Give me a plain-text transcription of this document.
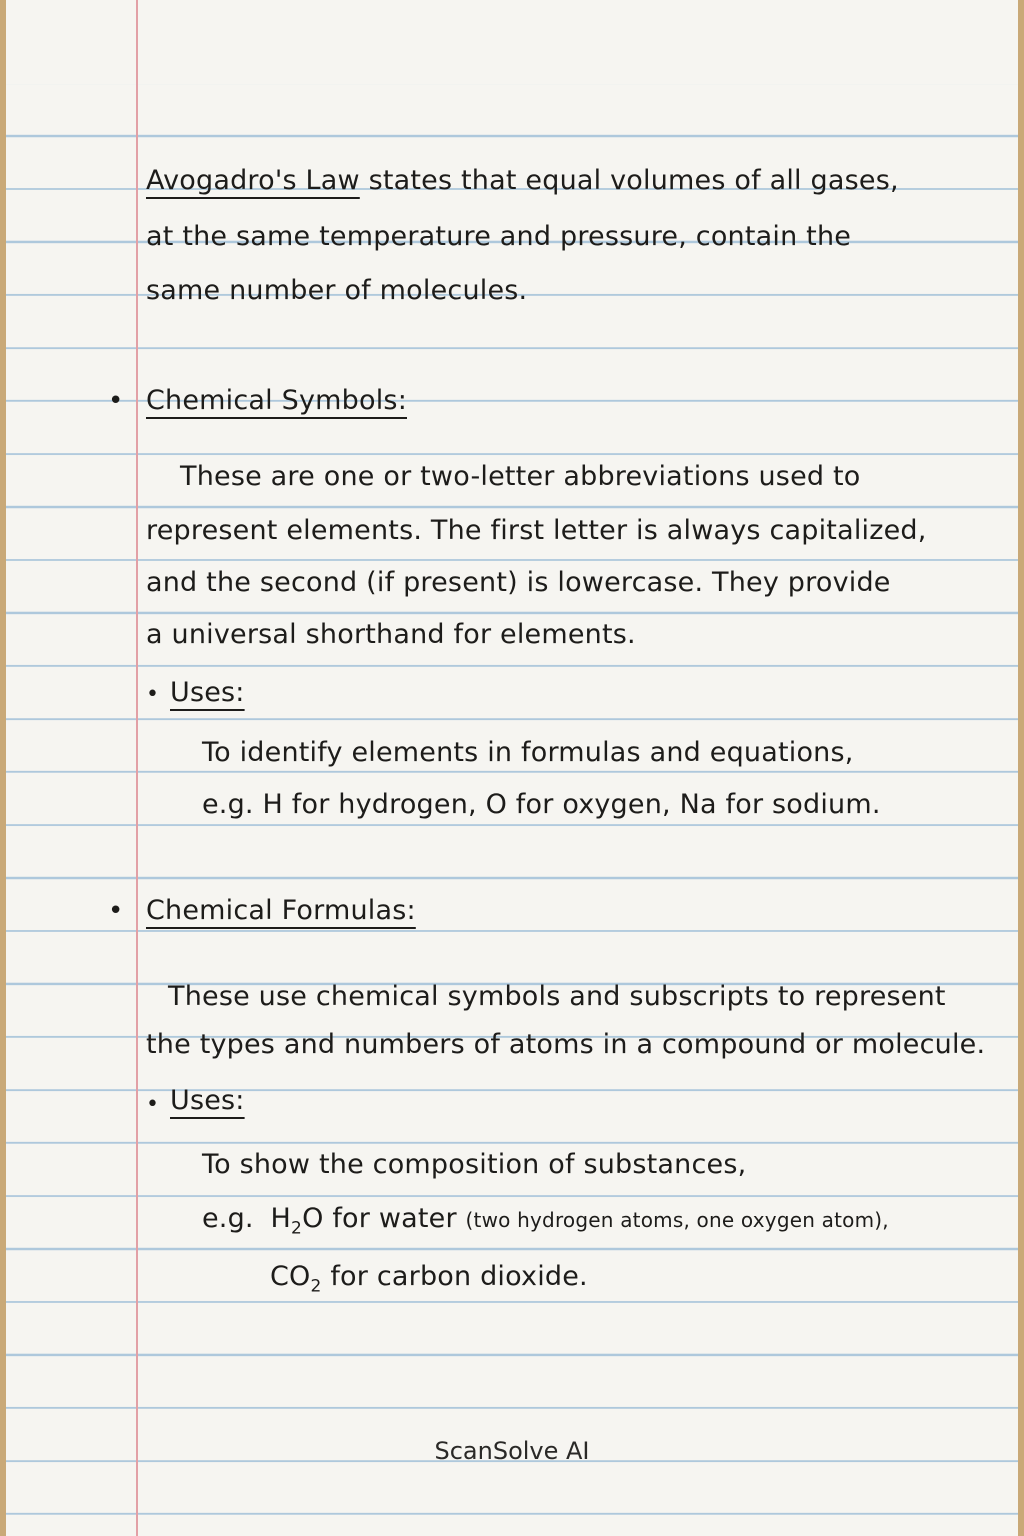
Avogadro's Law states that equal volumes of all gases,
at the same temperature and pressure, contain the
same number of molecules.
• Chemical Symbols:
These are one or two-letter abbreviations used to
represent elements. The first letter is always capitalized,
and the second (if present) is lowercase. They provide
a universal shorthand for elements.
• Uses:
To identify elements in formulas and equations,
e.g. H for hydrogen, O for oxygen, Na for sodium.
• Chemical Formulas:
These use chemical symbols and subscripts to represent
the types and numbers of atoms in a compound or molecule.
• Uses:
To show the composition of substances,
e.g. $H_2O$ for water (two hydrogen atoms, one oxygen atom),
$CO_2$ for carbon dioxide.
ScanSolve AI
